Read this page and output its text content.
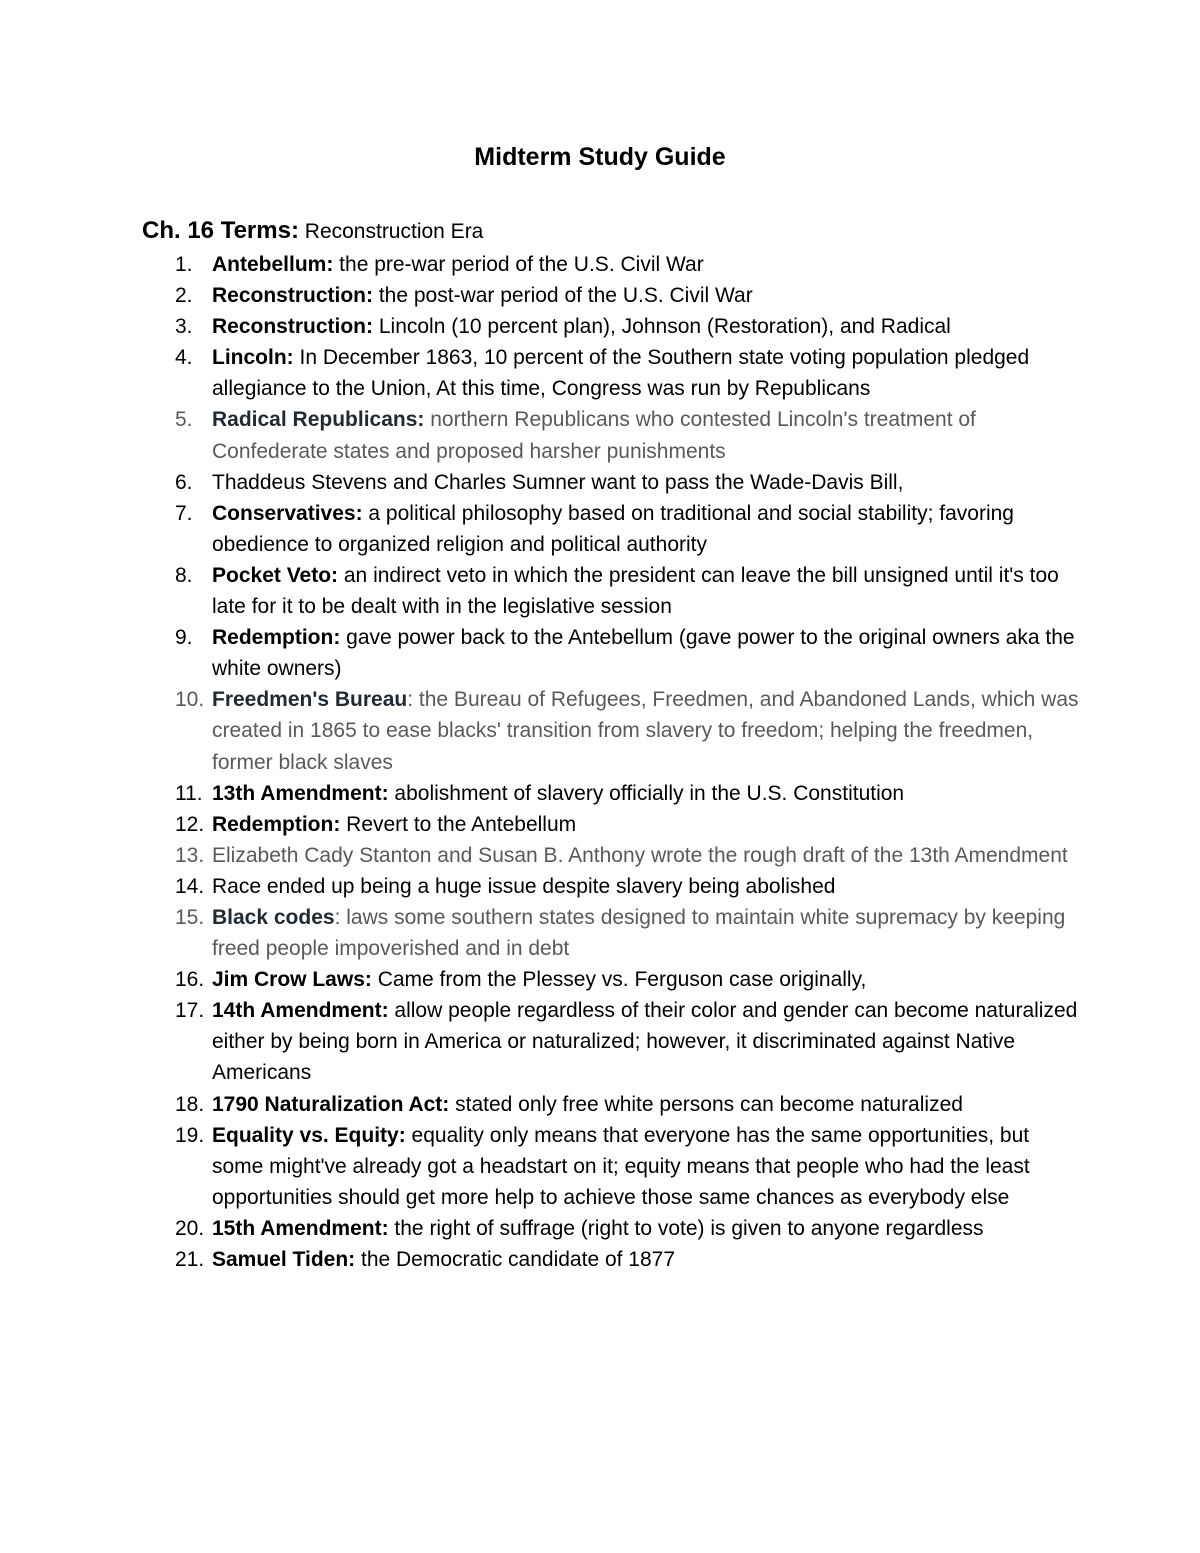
Midterm Study Guide
Ch. 16 Terms: Reconstruction Era
1. Antebellum: the pre-war period of the U.S. Civil War
2. Reconstruction: the post-war period of the U.S. Civil War
3. Reconstruction: Lincoln (10 percent plan), Johnson (Restoration), and Radical
4. Lincoln: In December 1863, 10 percent of the Southern state voting population pledged allegiance to the Union, At this time, Congress was run by Republicans
5. Radical Republicans: northern Republicans who contested Lincoln's treatment of Confederate states and proposed harsher punishments
6. Thaddeus Stevens and Charles Sumner want to pass the Wade-Davis Bill,
7. Conservatives: a political philosophy based on traditional and social stability; favoring obedience to organized religion and political authority
8. Pocket Veto: an indirect veto in which the president can leave the bill unsigned until it's too late for it to be dealt with in the legislative session
9. Redemption: gave power back to the Antebellum (gave power to the original owners aka the white owners)
10. Freedmen's Bureau: the Bureau of Refugees, Freedmen, and Abandoned Lands, which was created in 1865 to ease blacks' transition from slavery to freedom; helping the freedmen, former black slaves
11. 13th Amendment: abolishment of slavery officially in the U.S. Constitution
12. Redemption: Revert to the Antebellum
13. Elizabeth Cady Stanton and Susan B. Anthony wrote the rough draft of the 13th Amendment
14. Race ended up being a huge issue despite slavery being abolished
15. Black codes: laws some southern states designed to maintain white supremacy by keeping freed people impoverished and in debt
16. Jim Crow Laws: Came from the Plessey vs. Ferguson case originally,
17. 14th Amendment: allow people regardless of their color and gender can become naturalized either by being born in America or naturalized; however, it discriminated against Native Americans
18. 1790 Naturalization Act: stated only free white persons can become naturalized
19. Equality vs. Equity: equality only means that everyone has the same opportunities, but some might've already got a headstart on it; equity means that people who had the least opportunities should get more help to achieve those same chances as everybody else
20. 15th Amendment: the right of suffrage (right to vote) is given to anyone regardless
21. Samuel Tiden: the Democratic candidate of 1877
